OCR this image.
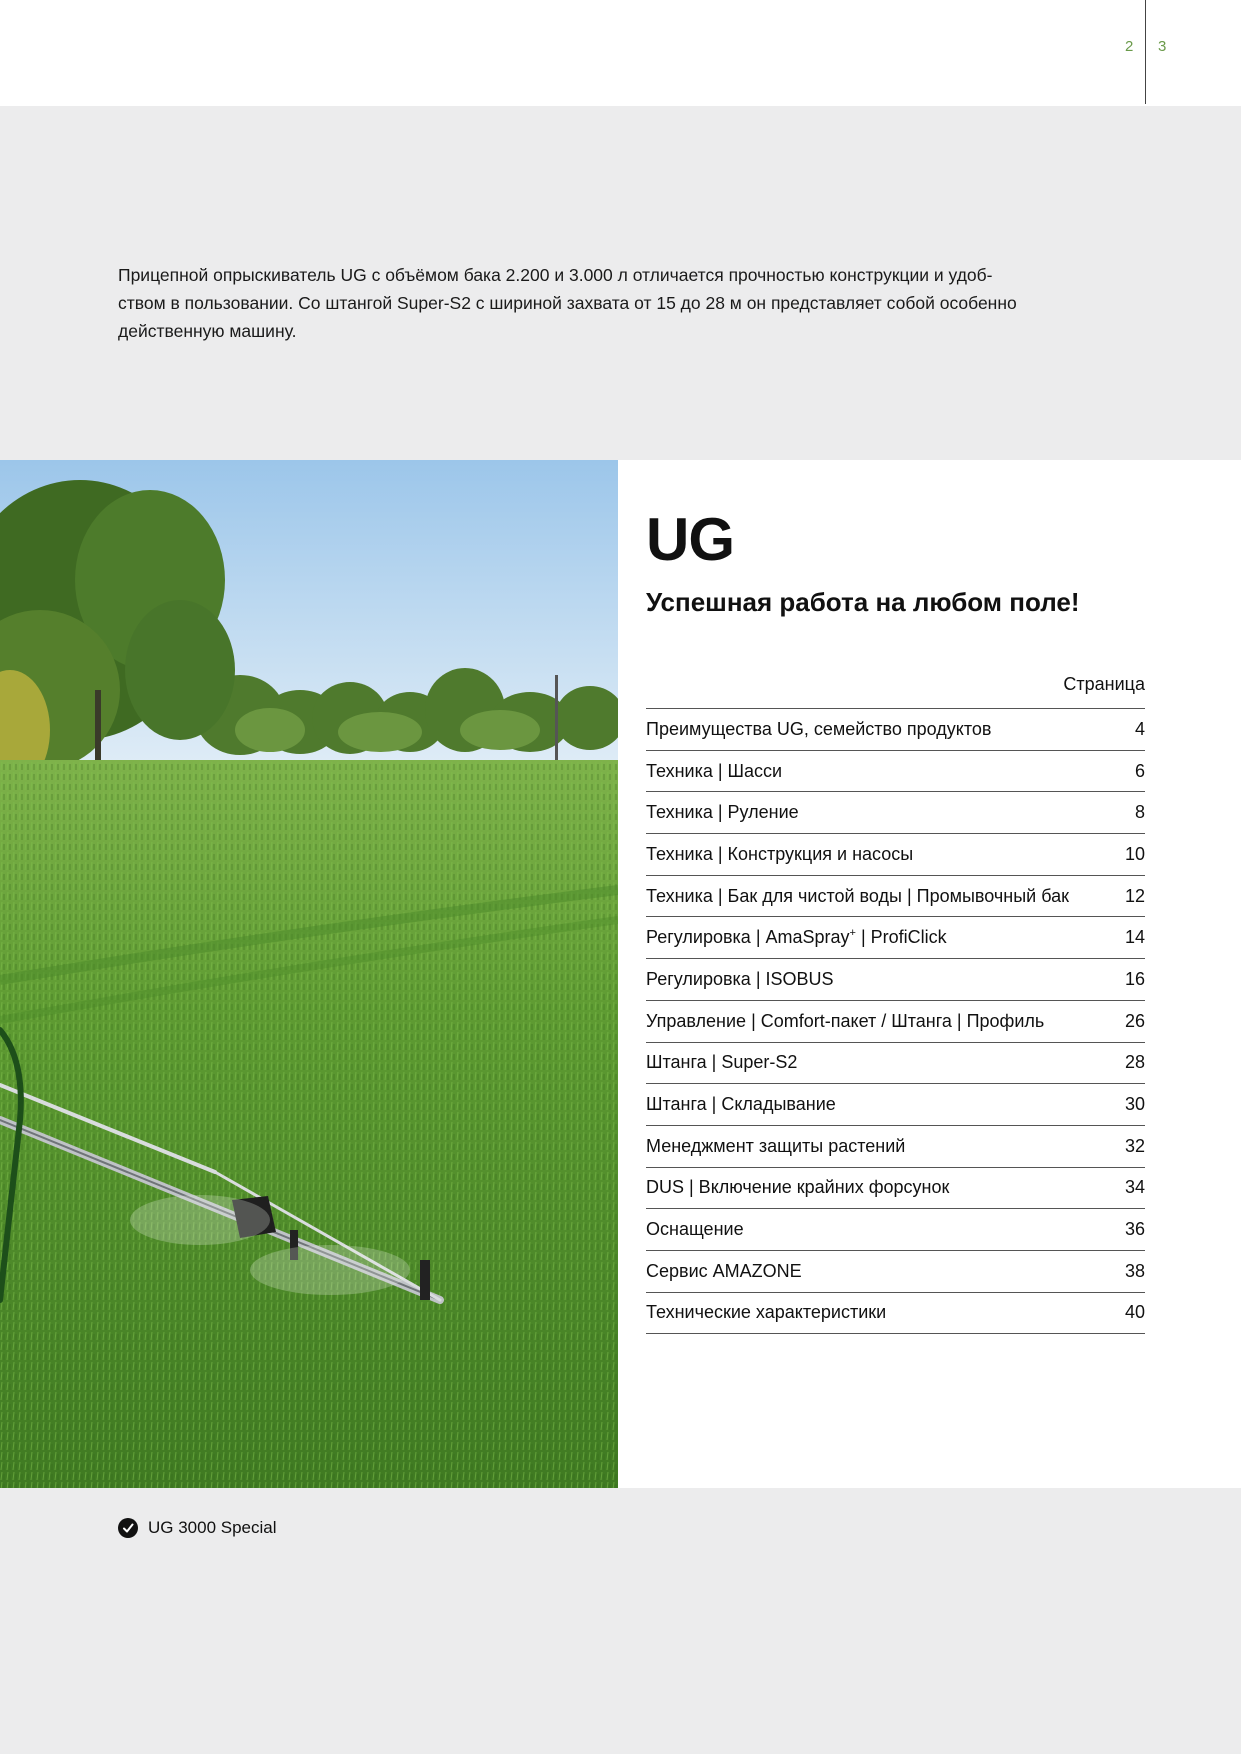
2 3

Прицепной опрыскиватель UG с объёмом бака 2.200 и 3.000 л отличается прочностью конструкции и удоб-
ством в пользовании. Со штангой Super-S2 с шириной захвата от 15 до 28 м он представляет собой особенно
действенную машину.

UG
Успешная работа на любом поле!
Страница
Преимущества UG, семейство продуктов	4
Техника | Шасси	6
Техника | Руление	8
Техника | Конструкция и насосы	10
Техника | Бак для чистой воды | Промывочный бак	12
Регулировка | AmaSpray+ | ProfiClick	14
Регулировка | ISOBUS	16
Управление | Comfort-пакет / Штанга | Профиль	26
Штанга | Super-S2	28
Штанга | Складывание	30
Менеджмент защиты растений	32
DUS | Включение крайних форсунок	34
Оснащение	36
Сервис AMAZONE	38
Технические характеристики	40
UG 3000 Special
